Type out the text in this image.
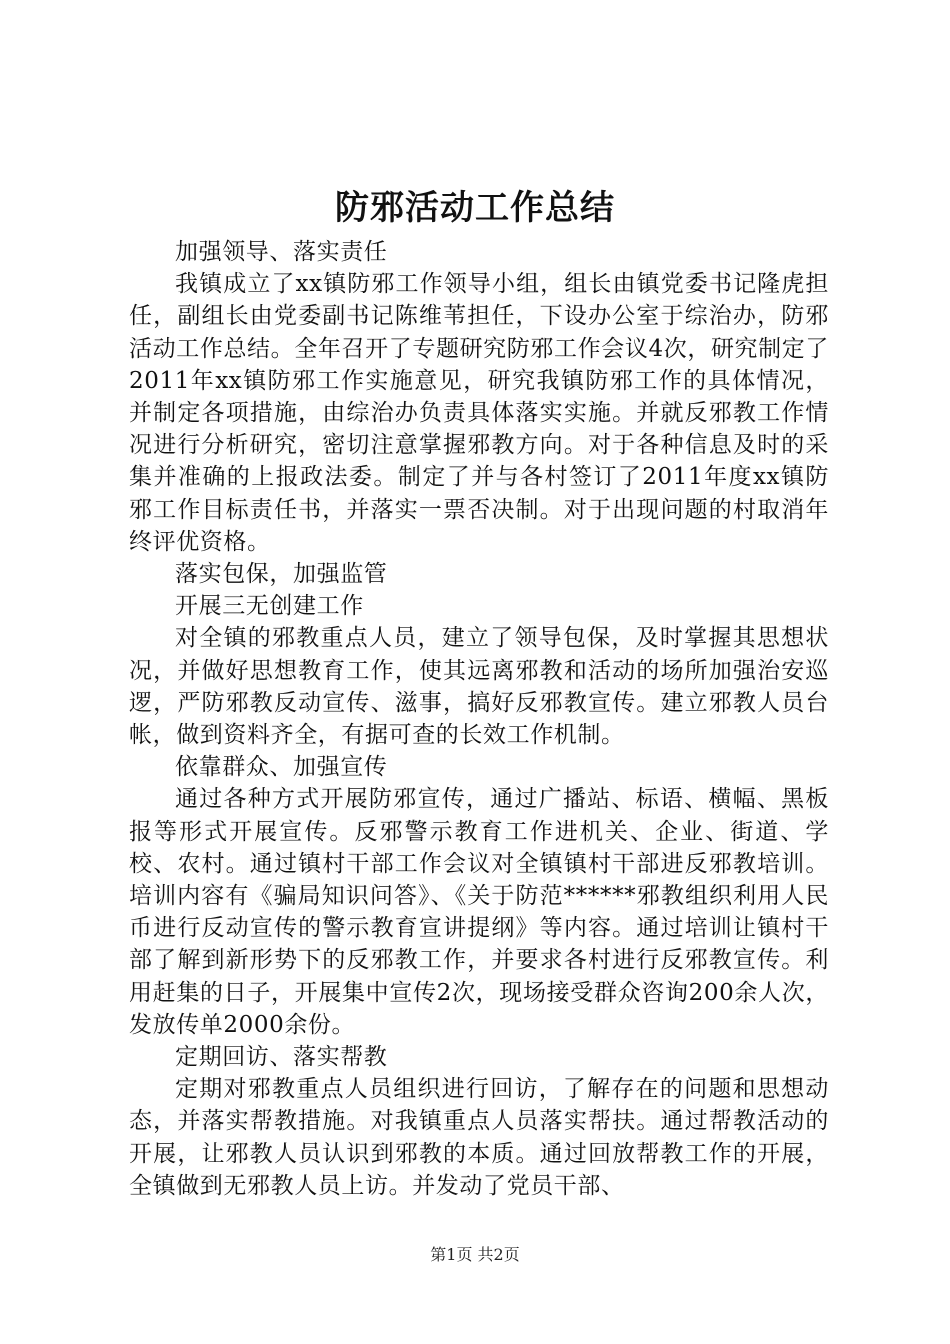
防邪活动工作总结

加强领导、落实责任

我镇成立了xx镇防邪工作领导小组，组长由镇党委书记隆虎担任，副组长由党委副书记陈维苇担任，下设办公室于综治办，防邪活动工作总结。全年召开了专题研究防邪工作会议4次，研究制定了2011年xx镇防邪工作实施意见，研究我镇防邪工作的具体情况，并制定各项措施，由综治办负责具体落实实施。并就反邪教工作情况进行分析研究，密切注意掌握邪教方向。对于各种信息及时的采集并准确的上报政法委。制定了并与各村签订了2011年度xx镇防邪工作目标责任书，并落实一票否决制。对于出现问题的村取消年终评优资格。

落实包保，加强监管

开展三无创建工作

对全镇的邪教重点人员，建立了领导包保，及时掌握其思想状况，并做好思想教育工作，使其远离邪教和活动的场所加强治安巡逻，严防邪教反动宣传、滋事，搞好反邪教宣传。建立邪教人员台帐，做到资料齐全，有据可查的长效工作机制。

依靠群众、加强宣传

通过各种方式开展防邪宣传，通过广播站、标语、横幅、黑板报等形式开展宣传。反邪警示教育工作进机关、企业、街道、学校、农村。通过镇村干部工作会议对全镇镇村干部进反邪教培训。培训内容有《骗局知识问答》、《关于防范******邪教组织利用人民币进行反动宣传的警示教育宣讲提纲》等内容。通过培训让镇村干部了解到新形势下的反邪教工作，并要求各村进行反邪教宣传。利用赶集的日子，开展集中宣传2次，现场接受群众咨询200余人次，发放传单2000余份。

定期回访、落实帮教

定期对邪教重点人员组织进行回访，了解存在的问题和思想动态，并落实帮教措施。对我镇重点人员落实帮扶。通过帮教活动的开展，让邪教人员认识到邪教的本质。通过回放帮教工作的开展，全镇做到无邪教人员上访。并发动了党员干部、

第1页 共2页
